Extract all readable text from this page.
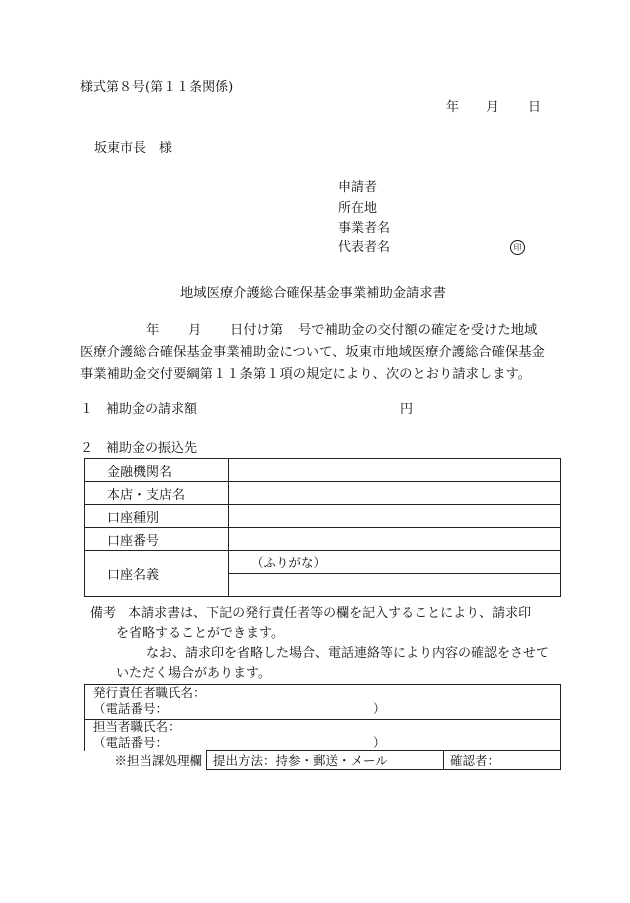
様式第８号(第１１条関係)
年 月 日
坂東市長　様
申請者
所在地
事業者名
代表者名	印
地域医療介護総合確保基金事業補助金請求書
年 月 日付け第 号で補助金の交付額の確定を受けた地域
医療介護総合確保基金事業補助金について、坂東市地域医療介護総合確保基金
事業補助金交付要綱第１１条第１項の規定により、次のとおり請求します。
１ 補助金の請求額	円
２ 補助金の振込先
金融機関名	
本店・支店名	
口座種別	
口座番号	
口座名義	（ふりがな）

備考 本請求書は、下記の発行責任者等の欄を記入することにより、請求印
を省略することができます。
なお、請求印を省略した場合、電話連絡等により内容の確認をさせて
いただく場合があります。
発行責任者職氏名：
（電話番号：	）
担当者職氏名：
（電話番号：	）
※担当課処理欄	提出方法：持参・郵送・メール	確認者：
